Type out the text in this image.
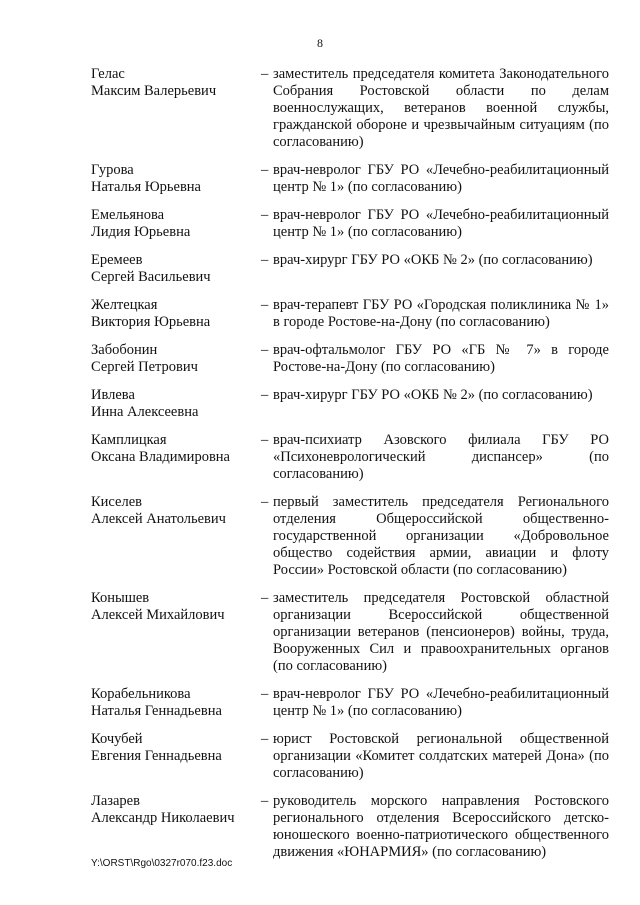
8
Гелас
Максим Валерьевич
– заместитель председателя комитета Законодательного Собрания Ростовской области по делам военнослужащих, ветеранов военной службы, гражданской обороне и чрезвычайным ситуациям (по согласованию)
Гурова
Наталья Юрьевна
– врач-невролог ГБУ РО «Лечебно-реабилитационный центр № 1» (по согласованию)
Емельянова
Лидия Юрьевна
– врач-невролог ГБУ РО «Лечебно-реабилитационный центр № 1» (по согласованию)
Еремеев
Сергей Васильевич
– врач-хирург ГБУ РО «ОКБ № 2» (по согласованию)
Желтецкая
Виктория Юрьевна
– врач-терапевт ГБУ РО «Городская поликлиника № 1» в городе Ростове-на-Дону (по согласованию)
Забобонин
Сергей Петрович
– врач-офтальмолог ГБУ РО «ГБ № 7» в городе Ростове-на-Дону (по согласованию)
Ивлева
Инна Алексеевна
– врач-хирург ГБУ РО «ОКБ № 2» (по согласованию)
Камплицкая
Оксана Владимировна
– врач-психиатр Азовского филиала ГБУ РО «Психоневрологический диспансер» (по согласованию)
Киселев
Алексей Анатольевич
– первый заместитель председателя Регионального отделения Общероссийской общественно-государственной организации «Добровольное общество содействия армии, авиации и флоту России» Ростовской области (по согласованию)
Конышев
Алексей Михайлович
– заместитель председателя Ростовской областной организации Всероссийской общественной организации ветеранов (пенсионеров) войны, труда, Вооруженных Сил и правоохранительных органов (по согласованию)
Корабельникова
Наталья Геннадьевна
– врач-невролог ГБУ РО «Лечебно-реабилитационный центр № 1» (по согласованию)
Кочубей
Евгения Геннадьевна
– юрист Ростовской региональной общественной организации «Комитет солдатских матерей Дона» (по согласованию)
Лазарев
Александр Николаевич
– руководитель морского направления Ростовского регионального отделения Всероссийского детско-юношеского военно-патриотического общественного движения «ЮНАРМИЯ» (по согласованию)
Y:\ORST\Rgo\0327r070.f23.doc
